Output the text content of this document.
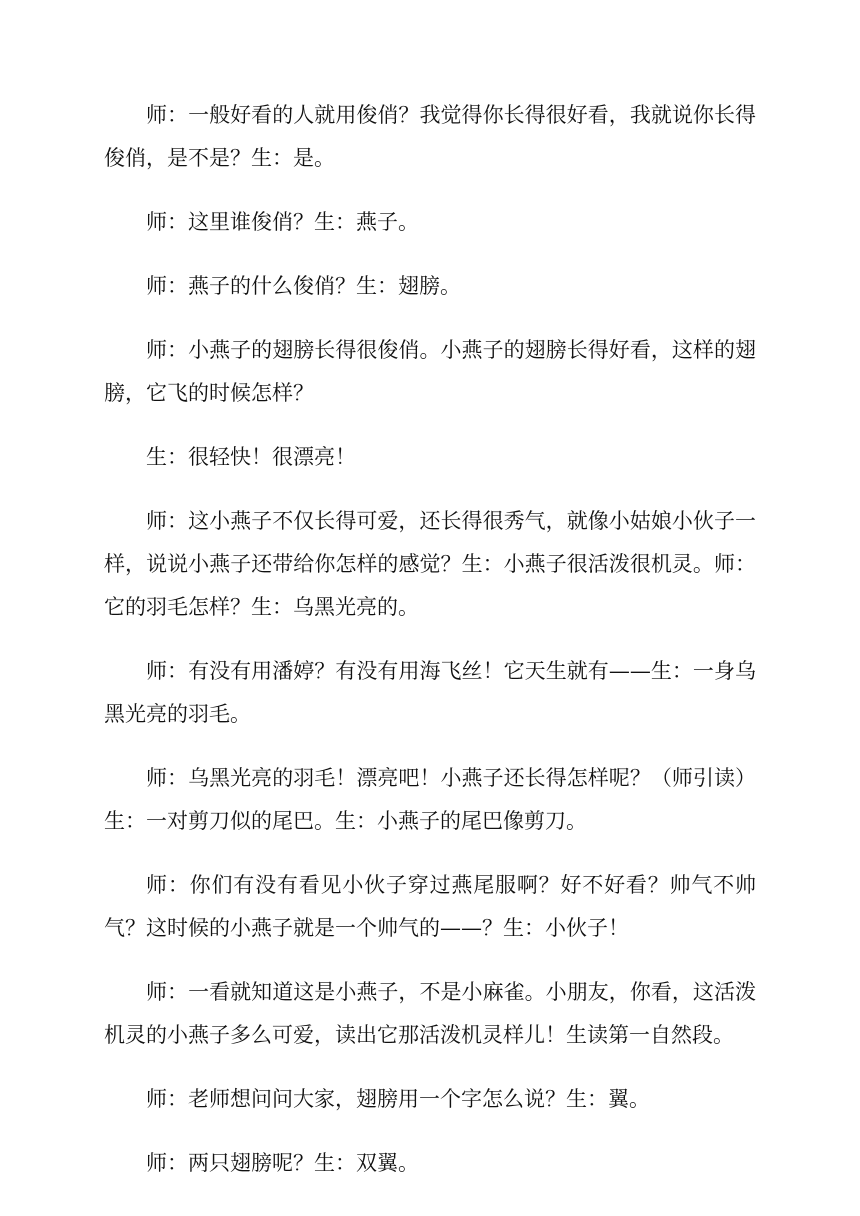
师：一般好看的人就用俊俏？我觉得你长得很好看，我就说你长得俊俏，是不是？生：是。

师：这里谁俊俏？生：燕子。

师：燕子的什么俊俏？生：翅膀。

师：小燕子的翅膀长得很俊俏。小燕子的翅膀长得好看，这样的翅膀，它飞的时候怎样？

生：很轻快！很漂亮！

师：这小燕子不仅长得可爱，还长得很秀气，就像小姑娘小伙子一样，说说小燕子还带给你怎样的感觉？生：小燕子很活泼很机灵。师：它的羽毛怎样？生：乌黑光亮的。

师：有没有用潘婷？有没有用海飞丝！它天生就有——生：一身乌黑光亮的羽毛。

师：乌黑光亮的羽毛！漂亮吧！小燕子还长得怎样呢？（师引读）生：一对剪刀似的尾巴。生：小燕子的尾巴像剪刀。

师：你们有没有看见小伙子穿过燕尾服啊？好不好看？帅气不帅气？这时候的小燕子就是一个帅气的——？生：小伙子！

师：一看就知道这是小燕子，不是小麻雀。小朋友，你看，这活泼机灵的小燕子多么可爱，读出它那活泼机灵样儿！生读第一自然段。

师：老师想问问大家，翅膀用一个字怎么说？生：翼。

师：两只翅膀呢？生：双翼。
